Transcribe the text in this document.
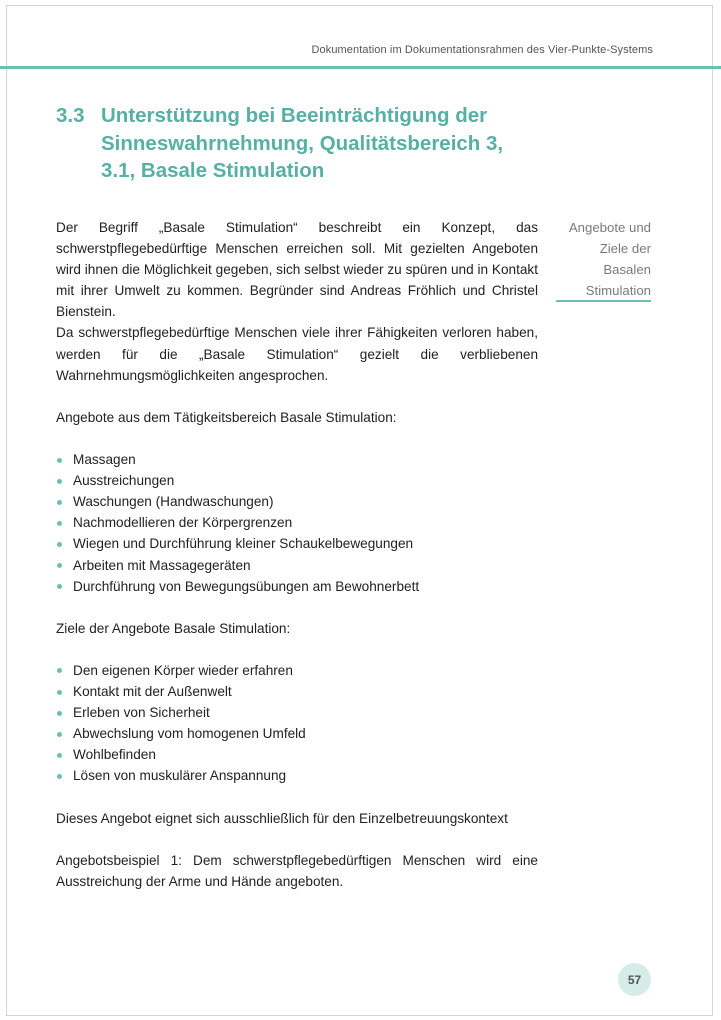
Dokumentation im Dokumentationsrahmen des Vier-Punkte-Systems
3.3 Unterstützung bei Beeinträchtigung der Sinneswahrnehmung, Qualitätsbereich 3, 3.1, Basale Stimulation
Angebote und Ziele der Basalen Stimulation

Der Begriff „Basale Stimulation“ beschreibt ein Konzept, das schwerstpflegebedürftige Menschen erreichen soll. Mit gezielten Angeboten wird ihnen die Möglichkeit gegeben, sich selbst wieder zu spüren und in Kontakt mit ihrer Umwelt zu kommen. Begründer sind Andreas Fröhlich und Christel Bienstein.

Da schwerstpflegebedürftige Menschen viele ihrer Fähigkeiten verloren haben, werden für die „Basale Stimulation“ gezielt die verbliebenen Wahrnehmungsmöglichkeiten angesprochen.

Angebote aus dem Tätigkeitsbereich Basale Stimulation:

Massagen
Ausstreichungen
Waschungen (Handwaschungen)
Nachmodellieren der Körpergrenzen
Wiegen und Durchführung kleiner Schaukelbewegungen
Arbeiten mit Massagegeräten
Durchführung von Bewegungsübungen am Bewohnerbett

Ziele der Angebote Basale Stimulation:

Den eigenen Körper wieder erfahren
Kontakt mit der Außenwelt
Erleben von Sicherheit
Abwechslung vom homogenen Umfeld
Wohlbefinden
Lösen von muskulärer Anspannung

Dieses Angebot eignet sich ausschließlich für den Einzelbetreuungskontext

Angebotsbeispiel 1: Dem schwerstpflegebedürftigen Menschen wird eine Ausstreichung der Arme und Hände angeboten.

57
